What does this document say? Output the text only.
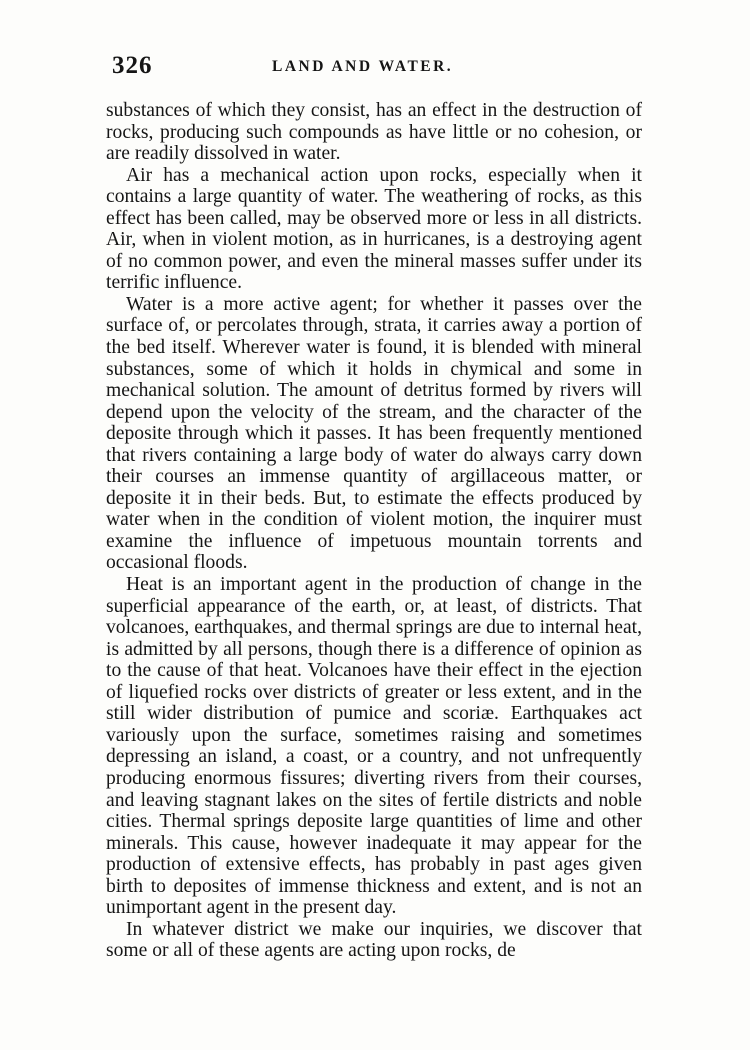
326	LAND AND WATER.

substances of which they consist, has an effect in the destruction of rocks, producing such compounds as have little or no cohesion, or are readily dissolved in water.

Air has a mechanical action upon rocks, especially when it contains a large quantity of water. The weathering of rocks, as this effect has been called, may be observed more or less in all districts. Air, when in violent motion, as in hurricanes, is a destroying agent of no common power, and even the mineral masses suffer under its terrific influence.

Water is a more active agent; for whether it passes over the surface of, or percolates through, strata, it carries away a portion of the bed itself. Wherever water is found, it is blended with mineral substances, some of which it holds in chymical and some in mechanical solution. The amount of detritus formed by rivers will depend upon the velocity of the stream, and the character of the deposite through which it passes. It has been frequently mentioned that rivers containing a large body of water do always carry down their courses an immense quantity of argillaceous matter, or deposite it in their beds. But, to estimate the effects produced by water when in the condition of violent motion, the inquirer must examine the influence of impetuous mountain torrents and occasional floods.

Heat is an important agent in the production of change in the superficial appearance of the earth, or, at least, of districts. That volcanoes, earthquakes, and thermal springs are due to internal heat, is admitted by all persons, though there is a difference of opinion as to the cause of that heat. Volcanoes have their effect in the ejection of liquefied rocks over districts of greater or less extent, and in the still wider distribution of pumice and scoriæ. Earthquakes act variously upon the surface, sometimes raising and sometimes depressing an island, a coast, or a country, and not unfrequently producing enormous fissures; diverting rivers from their courses, and leaving stagnant lakes on the sites of fertile districts and noble cities. Thermal springs deposite large quantities of lime and other minerals. This cause, however inadequate it may appear for the production of extensive effects, has probably in past ages given birth to deposites of immense thickness and extent, and is not an unimportant agent in the present day.

In whatever district we make our inquiries, we discover that some or all of these agents are acting upon rocks, de
